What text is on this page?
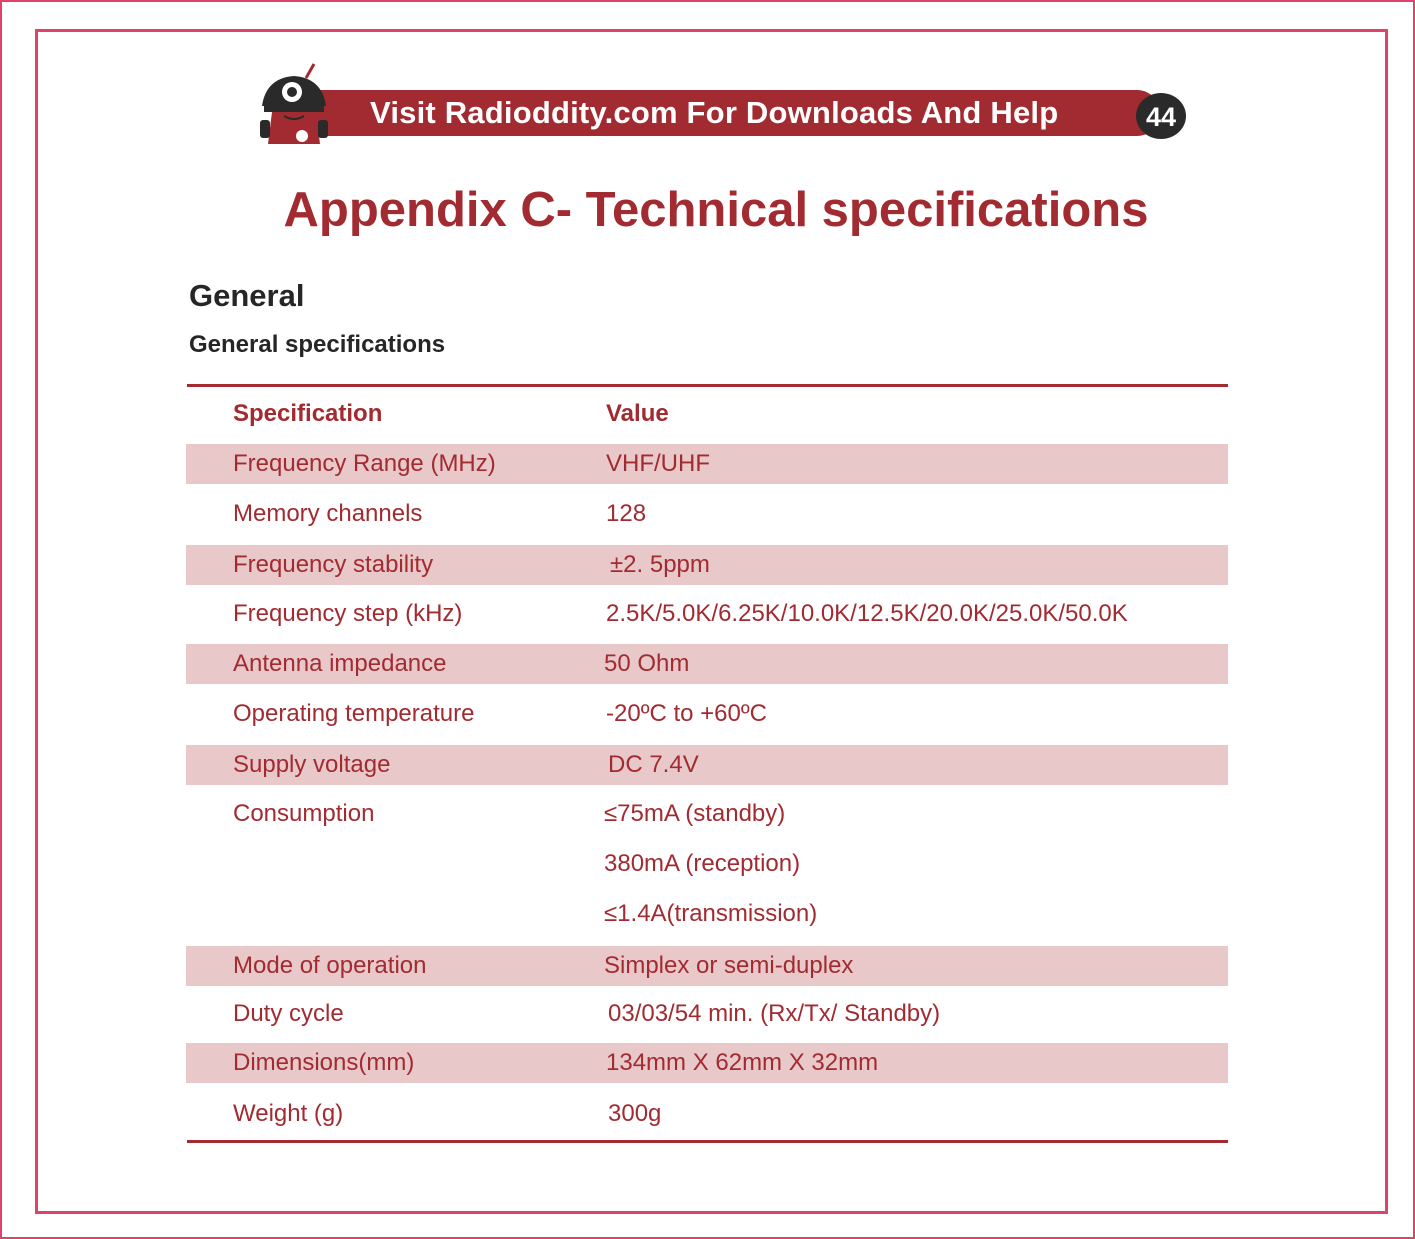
Visit Radioddity.com For Downloads And Help	44
Appendix C- Technical specifications
General
General specifications
Specification	Value
Frequency Range (MHz)	VHF/UHF
Memory channels	128
Frequency stability	±2. 5ppm
Frequency step (kHz)	2.5K/5.0K/6.25K/10.0K/12.5K/20.0K/25.0K/50.0K
Antenna impedance	50 Ohm
Operating temperature	-20ºC to +60ºC
Supply voltage	DC 7.4V
Consumption	≤75mA (standby)
380mA (reception)
≤1.4A(transmission)
Mode of operation	Simplex or semi-duplex
Duty cycle	03/03/54 min. (Rx/Tx/ Standby)
Dimensions(mm)	134mm X 62mm X 32mm
Weight (g)	300g
